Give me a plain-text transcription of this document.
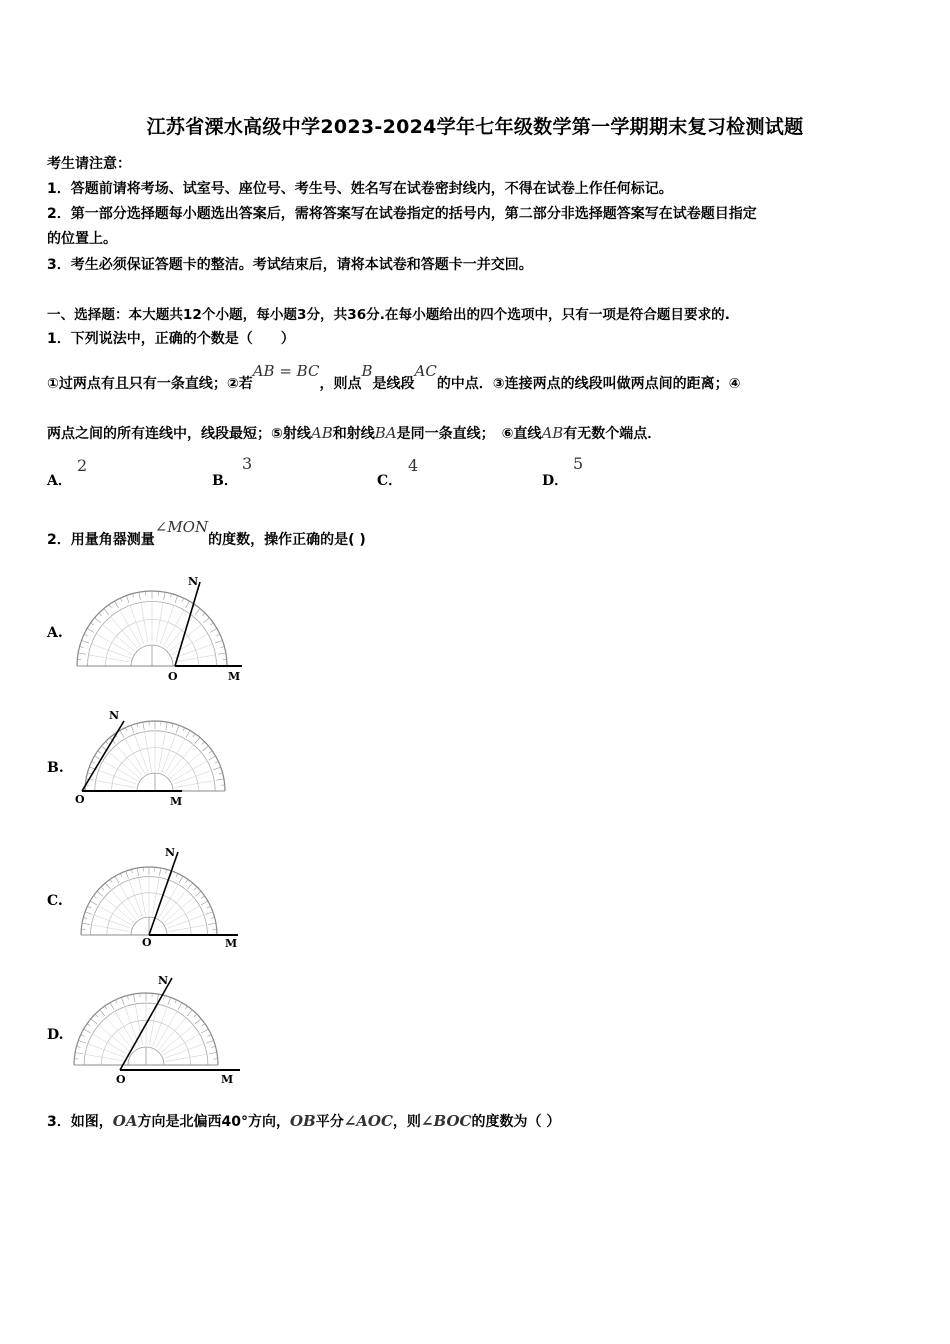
江苏省溧水高级中学2023-2024学年七年级数学第一学期期末复习检测试题
考生请注意：
1．答题前请将考场、试室号、座位号、考生号、姓名写在试卷密封线内，不得在试卷上作任何标记。
2．第一部分选择题每小题选出答案后，需将答案写在试卷指定的括号内，第二部分非选择题答案写在试卷题目指定
的位置上。
3．考生必须保证答题卡的整洁。考试结束后，请将本试卷和答题卡一并交回。
一、选择题：本大题共12个小题，每小题3分，共36分.在每小题给出的四个选项中，只有一项是符合题目要求的.
1．下列说法中，正确的个数是（　　）
①过两点有且只有一条直线；②若AB = BC，则点B是线段AC的中点．③连接两点的线段叫做两点间的距离；④
两点之间的所有连线中，线段最短；⑤射线AB和射线BA是同一条直线；　⑥直线AB有无数个端点．
A．
2
B．
3
C．
4
D．
5
2．用量角器测量∠MON的度数，操作正确的是( )
A.
O	M
N
B.
O	M
N
C.
O	M
N
D.
O	M
N
3．如图，OA方向是北偏西40°方向，OB平分∠AOC，则∠BOC的度数为（ ）
